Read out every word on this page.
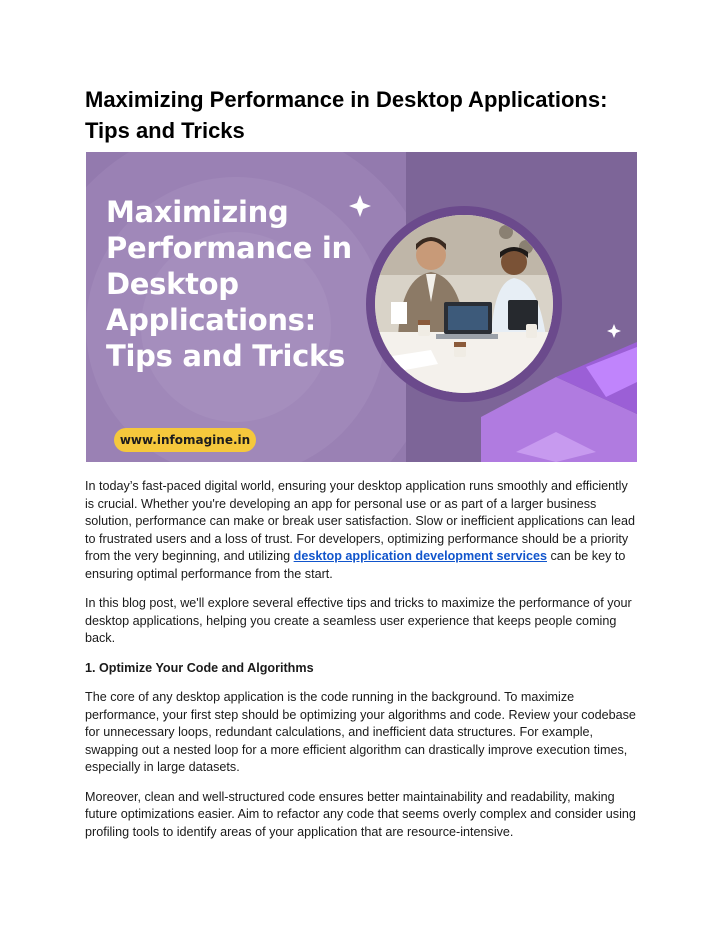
Maximizing Performance in Desktop Applications: Tips and Tricks
Maximizing
Performance in
Desktop
Applications:
Tips and Tricks
www.infomagine.in

In today’s fast-paced digital world, ensuring your desktop application runs smoothly and efficiently is crucial. Whether you're developing an app for personal use or as part of a larger business solution, performance can make or break user satisfaction. Slow or inefficient applications can lead to frustrated users and a loss of trust. For developers, optimizing performance should be a priority from the very beginning, and utilizing desktop application development services can be key to ensuring optimal performance from the start.

In this blog post, we'll explore several effective tips and tricks to maximize the performance of your desktop applications, helping you create a seamless user experience that keeps people coming back.

1. Optimize Your Code and Algorithms

The core of any desktop application is the code running in the background. To maximize performance, your first step should be optimizing your algorithms and code. Review your codebase for unnecessary loops, redundant calculations, and inefficient data structures. For example, swapping out a nested loop for a more efficient algorithm can drastically improve execution times, especially in large datasets.

Moreover, clean and well-structured code ensures better maintainability and readability, making future optimizations easier. Aim to refactor any code that seems overly complex and consider using profiling tools to identify areas of your application that are resource-intensive.
